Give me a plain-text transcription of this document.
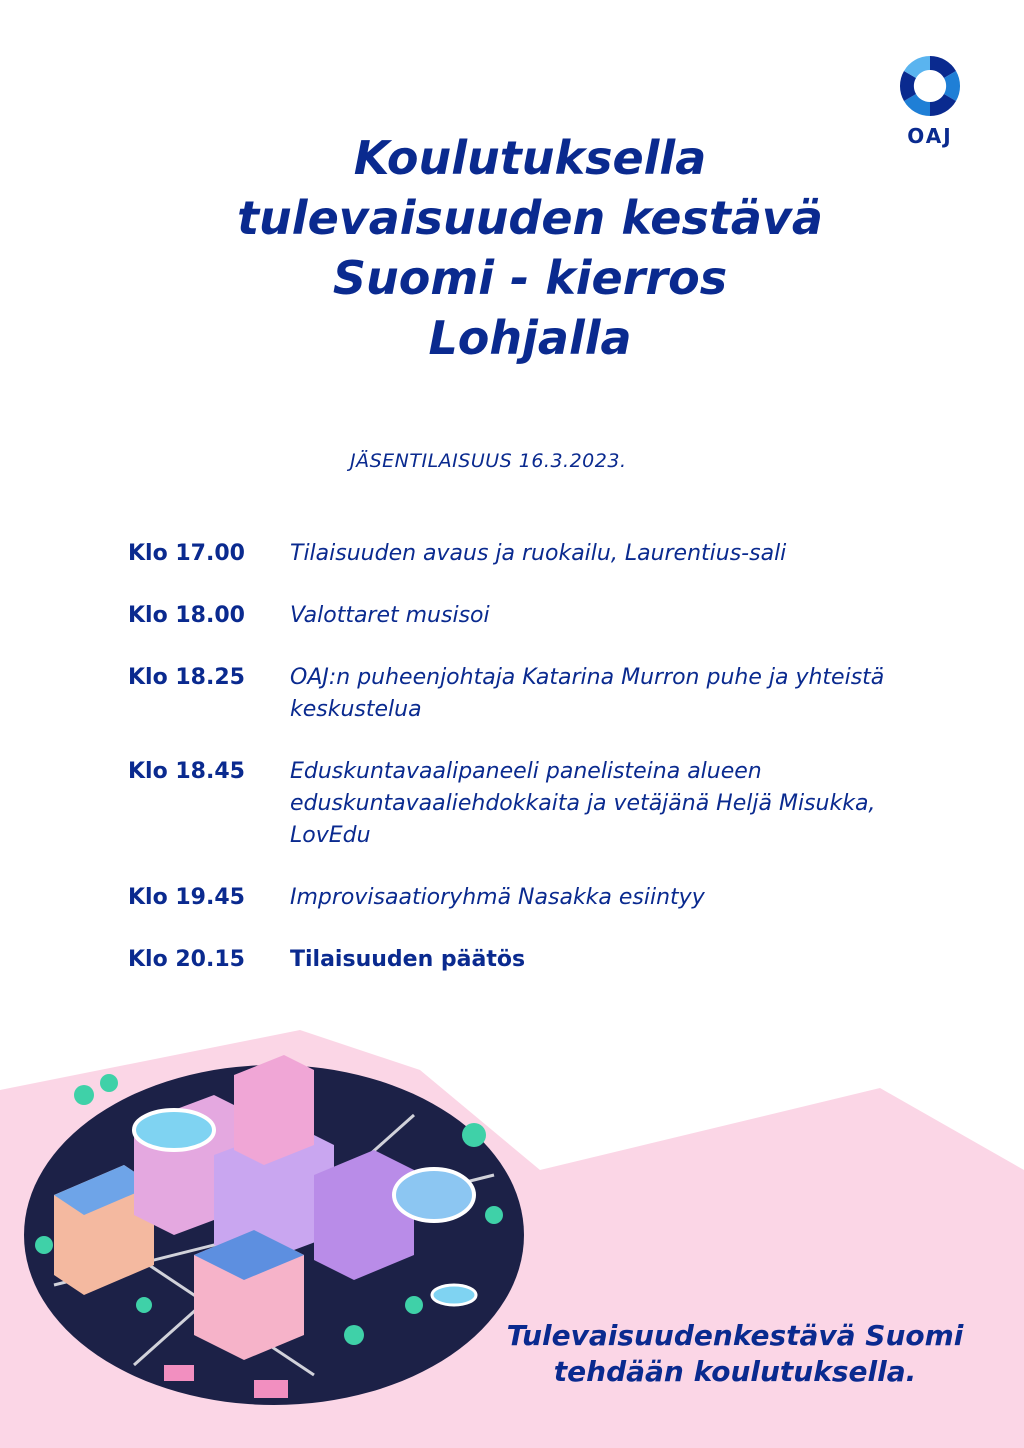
OAJ
Koulutuksella tulevaisuuden kestävä Suomi - kierros Lohjalla
JÄSENTILAISUUS 16.3.2023.
Klo 17.00	Tilaisuuden avaus ja ruokailu, Laurentius-sali
Klo 18.00	Valottaret musisoi
Klo 18.25	OAJ:n puheenjohtaja Katarina Murron puhe ja yhteistä keskustelua
Klo 18.45	Eduskuntavaalipaneeli panelisteina alueen eduskuntavaaliehdokkaita ja vetäjänä Heljä Misukka, LovEdu
Klo 19.45	Improvisaatioryhmä Nasakka esiintyy
Klo 20.15	Tilaisuuden päätös
Tulevaisuudenkestävä Suomi tehdään koulutuksella.
